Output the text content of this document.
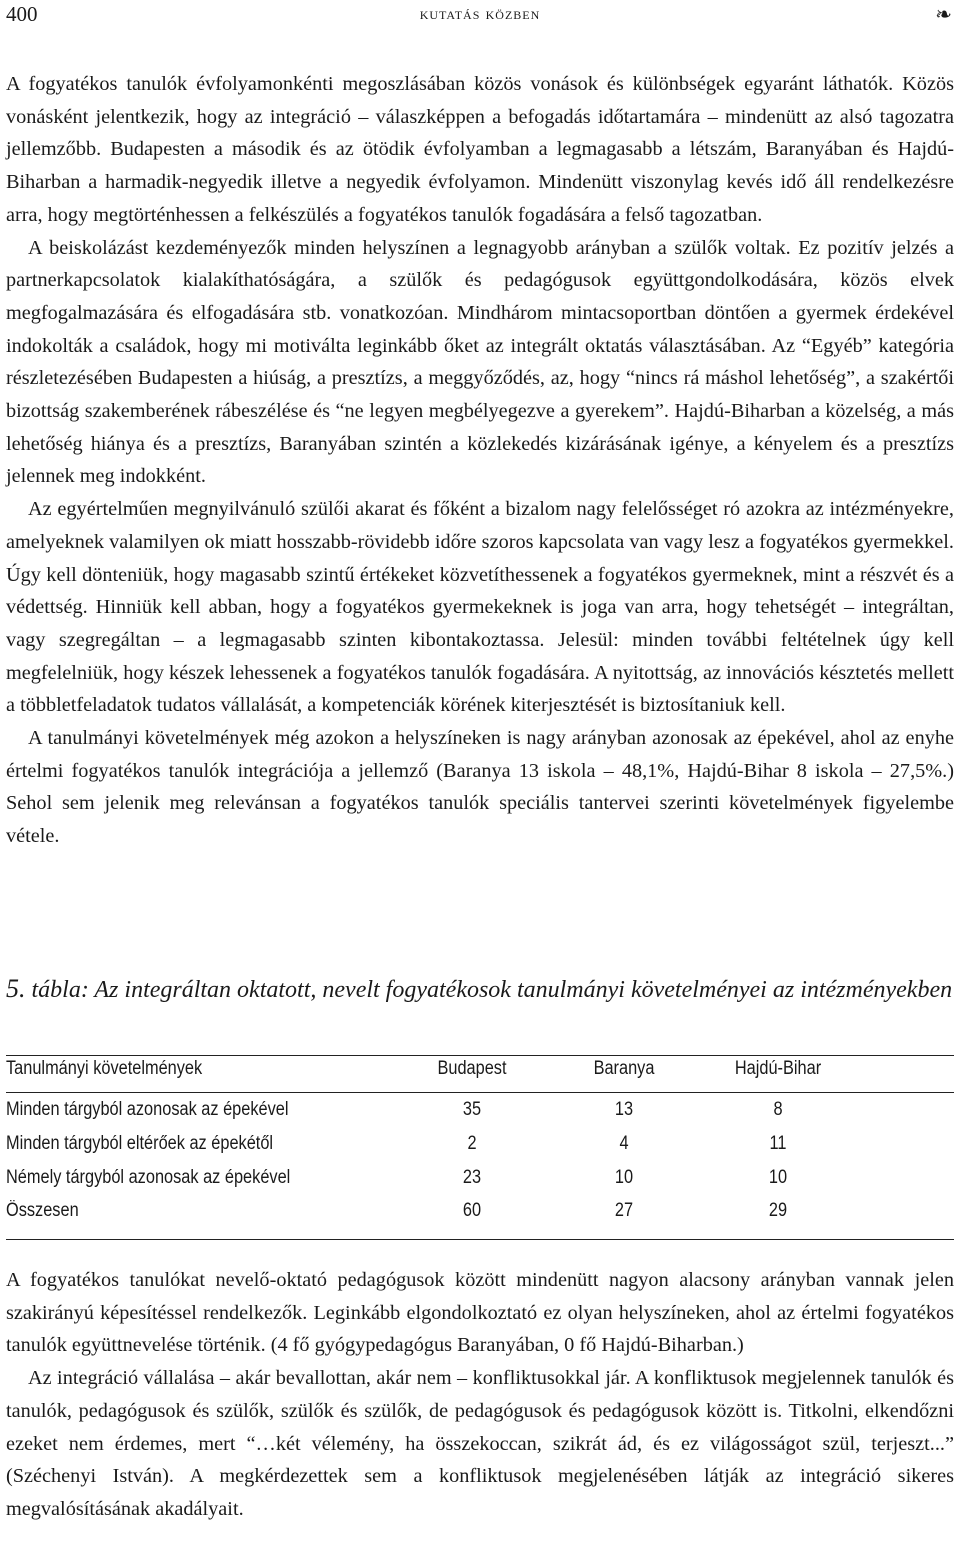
400	kutatás közben	❧

A fogyatékos tanulók évfolyamonkénti megoszlásában közös vonások és különbségek egyaránt láthatók. Közös vonásként jelentkezik, hogy az integráció – válaszképpen a befogadás időtartamára – mindenütt az alsó tagozatra jellemzőbb. Budapesten a második és az ötödik évfolyamban a legmagasabb a létszám, Baranyában és Hajdú-Biharban a harmadik-negyedik illetve a negyedik évfolyamon. Mindenütt viszonylag kevés idő áll rendelkezésre arra, hogy megtörténhessen a felkészülés a fogyatékos tanulók fogadására a felső tagozatban.

A beiskolázást kezdeményezők minden helyszínen a legnagyobb arányban a szülők voltak. Ez pozitív jelzés a partnerkapcsolatok kialakíthatóságára, a szülők és pedagógusok együttgondolkodására, közös elvek megfogalmazására és elfogadására stb. vonatkozóan. Mindhárom mintacsoportban döntően a gyermek érdekével indokolták a családok, hogy mi motiválta leginkább őket az integrált oktatás választásában. Az “Egyéb” kategória részletezésében Budapesten a hiúság, a presztízs, a meggyőződés, az, hogy “nincs rá máshol lehetőség”, a szakértői bizottság szakemberének rábeszélése és “ne legyen megbélyegezve a gyerekem”. Hajdú-Biharban a közelség, a más lehetőség hiánya és a presztízs, Baranyában szintén a közlekedés kizárásának igénye, a kényelem és a presztízs jelennek meg indokként.

Az egyértelműen megnyilvánuló szülői akarat és főként a bizalom nagy felelősséget ró azokra az intézményekre, amelyeknek valamilyen ok miatt hosszabb-rövidebb időre szoros kapcsolata van vagy lesz a fogyatékos gyermekkel. Úgy kell dönteniük, hogy magasabb szintű értékeket közvetíthessenek a fogyatékos gyermeknek, mint a részvét és a védettség. Hinniük kell abban, hogy a fogyatékos gyermekeknek is joga van arra, hogy tehetségét – integráltan, vagy szegregáltan – a legmagasabb szinten kibontakoztassa. Jelesül: minden további feltételnek úgy kell megfelelniük, hogy készek lehessenek a fogyatékos tanulók fogadására. A nyitottság, az innovációs késztetés mellett a többletfeladatok tudatos vállalását, a kompetenciák körének kiterjesztését is biztosítaniuk kell.

A tanulmányi követelmények még azokon a helyszíneken is nagy arányban azonosak az épekével, ahol az enyhe értelmi fogyatékos tanulók integrációja a jellemző (Baranya 13 iskola – 48,1%, Hajdú-Bihar 8 iskola – 27,5%.) Sehol sem jelenik meg relevánsan a fogyatékos tanulók speciális tantervei szerinti követelmények figyelembe vétele.

5. tábla: Az integráltan oktatott, nevelt fogyatékosok tanulmányi követelményei az intézményekben
Tanulmányi követelmények	Budapest	Baranya	Hajdú-Bihar
Minden tárgyból azonosak az épekével	35	13	8
Minden tárgyból eltérőek az épekétől	2	4	11
Némely tárgyból azonosak az épekével	23	10	10
Összesen	60	27	29

A fogyatékos tanulókat nevelő-oktató pedagógusok között mindenütt nagyon alacsony arányban vannak jelen szakirányú képesítéssel rendelkezők. Leginkább elgondolkoztató ez olyan helyszíneken, ahol az értelmi fogyatékos tanulók együttnevelése történik. (4 fő gyógypedagógus Baranyában, 0 fő Hajdú-Biharban.)

Az integráció vállalása – akár bevallottan, akár nem – konfliktusokkal jár. A konfliktusok megjelennek tanulók és tanulók, pedagógusok és szülők, szülők és szülők, de pedagógusok és pedagógusok között is. Titkolni, elkendőzni ezeket nem érdemes, mert “…két vélemény, ha összekoccan, szikrát ád, és ez világosságot szül, terjeszt...” (Széchenyi István). A megkérdezettek sem a konfliktusok megjelenésében látják az integráció sikeres megvalósításának akadályait.
